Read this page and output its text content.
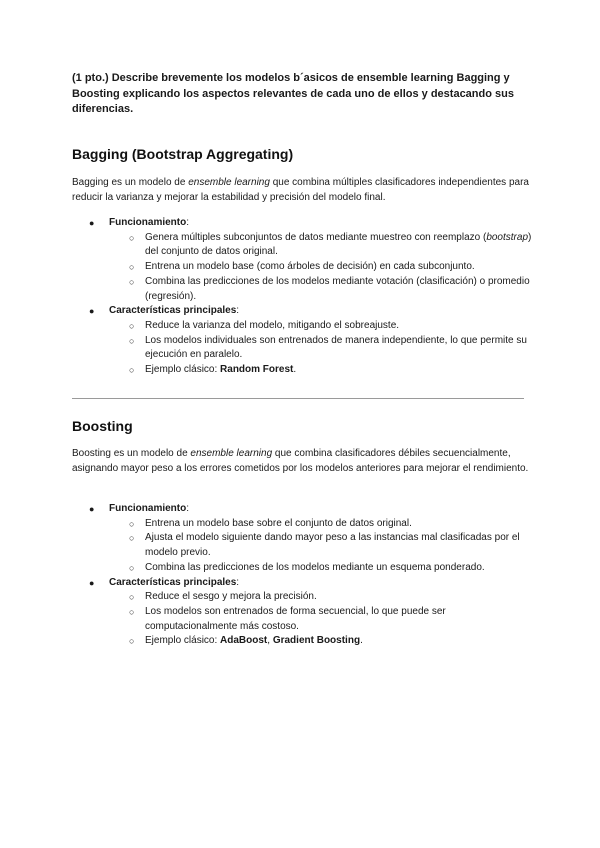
(1 pto.) Describe brevemente los modelos b´asicos de ensemble learning Bagging y Boosting explicando los aspectos relevantes de cada uno de ellos y destacando sus diferencias.
Bagging (Bootstrap Aggregating)
Bagging es un modelo de ensemble learning que combina múltiples clasificadores independientes para reducir la varianza y mejorar la estabilidad y precisión del modelo final.
● Funcionamiento:
○ Genera múltiples subconjuntos de datos mediante muestreo con reemplazo (bootstrap) del conjunto de datos original.
○ Entrena un modelo base (como árboles de decisión) en cada subconjunto.
○ Combina las predicciones de los modelos mediante votación (clasificación) o promedio (regresión).
● Características principales:
○ Reduce la varianza del modelo, mitigando el sobreajuste.
○ Los modelos individuales son entrenados de manera independiente, lo que permite su ejecución en paralelo.
○ Ejemplo clásico: Random Forest.
Boosting
Boosting es un modelo de ensemble learning que combina clasificadores débiles secuencialmente, asignando mayor peso a los errores cometidos por los modelos anteriores para mejorar el rendimiento.
● Funcionamiento:
○ Entrena un modelo base sobre el conjunto de datos original.
○ Ajusta el modelo siguiente dando mayor peso a las instancias mal clasificadas por el modelo previo.
○ Combina las predicciones de los modelos mediante un esquema ponderado.
● Características principales:
○ Reduce el sesgo y mejora la precisión.
○ Los modelos son entrenados de forma secuencial, lo que puede ser computacionalmente más costoso.
○ Ejemplo clásico: AdaBoost, Gradient Boosting.
